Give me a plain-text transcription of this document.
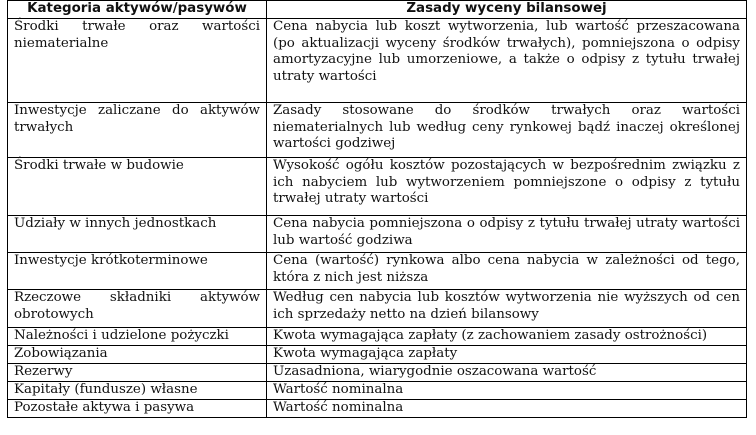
Kategoria aktywów/pasywów	Zasady wyceny bilansowej
Środki trwałe oraz wartości niematerialne	Cena nabycia lub koszt wytworzenia, lub wartość przeszacowana (po aktualizacji wyceny środków trwałych), pomniejszona o odpisy amortyzacyjne lub umorzeniowe, a także o odpisy z tytułu trwałej utraty wartości
Inwestycje zaliczane do aktywów trwałych	Zasady stosowane do środków trwałych oraz wartości niematerialnych lub według ceny rynkowej bądź inaczej określonej wartości godziwej
Środki trwałe w budowie	Wysokość ogółu kosztów pozostających w bezpośrednim związku z ich nabyciem lub wytworzeniem pomniejszone o odpisy z tytułu trwałej utraty wartości
Udziały w innych jednostkach	Cena nabycia pomniejszona o odpisy z tytułu trwałej utraty wartości lub wartość godziwa
Inwestycje krótkoterminowe	Cena (wartość) rynkowa albo cena nabycia w zależności od tego, która z nich jest niższa
Rzeczowe składniki aktywów obrotowych	Według cen nabycia lub kosztów wytworzenia nie wyższych od cen ich sprzedaży netto na dzień bilansowy
Należności i udzielone pożyczki	Kwota wymagająca zapłaty (z zachowaniem zasady ostrożności)
Zobowiązania	Kwota wymagająca zapłaty
Rezerwy	Uzasadniona, wiarygodnie oszacowana wartość
Kapitały (fundusze) własne	Wartość nominalna
Pozostałe aktywa i pasywa	Wartość nominalna
